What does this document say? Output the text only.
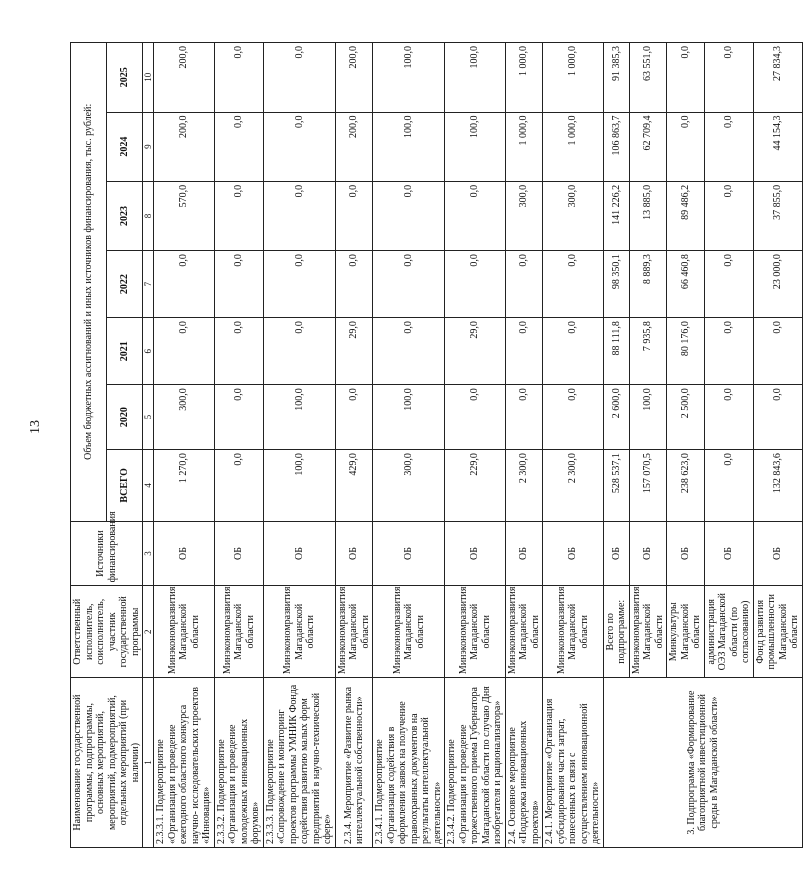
13
Наименование государственной программы, подпрограммы, основных мероприятий, мероприятий, подмероприятий, отдельных мероприятий (при наличии)	Ответственный исполнитель, соисполнитель, участник государственной программы	Источники финансирования	Объем бюджетных ассигнований и иных источников финансирования, тыс. рублей:						
			ВСЕГО	2020	2021	2022	2023	2024	2025
1	2	3	4	5	6	7	8	9	10
2.3.3.1. Подмероприятие «Организация и проведение ежегодного областного конкурса научно- исследовательских проектов «Инновация»	Минэкономразвития Магаданской области	ОБ	1 270,0	300,0	0,0	0,0	570,0	200,0	200,0
2.3.3.2. Подмероприятие «Организация и проведение молодежных инновационных форумов»	Минэкономразвития Магаданской области	ОБ	0,0	0,0	0,0	0,0	0,0	0,0	0,0
2.3.3.3. Подмероприятие «Сопровождение и мониторинг проектов программы УМНИК Фонда содействия развитию малых форм предприятий в научно-технической сфере»	Минэкономразвития Магаданской области	ОБ	100,0	100,0	0,0	0,0	0,0	0,0	0,0
2.3.4. Мероприятие «Развитие рынка интеллектуальной собственности»	Минэкономразвития Магаданской области	ОБ	429,0	0,0	29,0	0,0	0,0	200,0	200,0
2.3.4.1. Подмероприятие «Организация содействия в оформлении заявок на получение правоохранных документов на результаты интеллектуальной деятельности»	Минэкономразвития Магаданской области	ОБ	300,0	100,0	0,0	0,0	0,0	100,0	100,0
2.3.4.2. Подмероприятие «Организация и проведение торжественного приема Губернатора Магаданской области по случаю Дня изобретателя и рационализатора»	Минэкономразвития Магаданской области	ОБ	229,0	0,0	29,0	0,0	0,0	100,0	100,0
2.4. Основное мероприятие «Поддержка инновационных проектов»	Минэкономразвития Магаданской области	ОБ	2 300,0	0,0	0,0	0,0	300,0	1 000,0	1 000,0
2.4.1. Мероприятие «Организация субсидирования части затрат, понесенных в связи с осуществлением инновационной деятельности»	Минэкономразвития Магаданской области	ОБ	2 300,0	0,0	0,0	0,0	300,0	1 000,0	1 000,0
3. Подпрограмма «Формирование благоприятной инвестиционной среды в Магаданской области»	Всего по подпрограмме:	ОБ	528 537,1	2 600,0	88 111,8	98 350,1	141 226,2	106 863,7	91 385,3
	Минэкономразвития Магаданской области	ОБ	157 070,5	100,0	7 935,8	8 889,3	13 885,0	62 709,4	63 551,0
	Минкультуры Магаданской области	ОБ	238 623,0	2 500,0	80 176,0	66 460,8	89 486,2	0,0	0,0
	администрация ОЭЗ Магаданской области (по согласованию)	ОБ	0,0	0,0	0,0	0,0	0,0	0,0	0,0
	Фонд развития промышленности Магаданской области	ОБ	132 843,6	0,0	0,0	23 000,0	37 855,0	44 154,3	27 834,3
